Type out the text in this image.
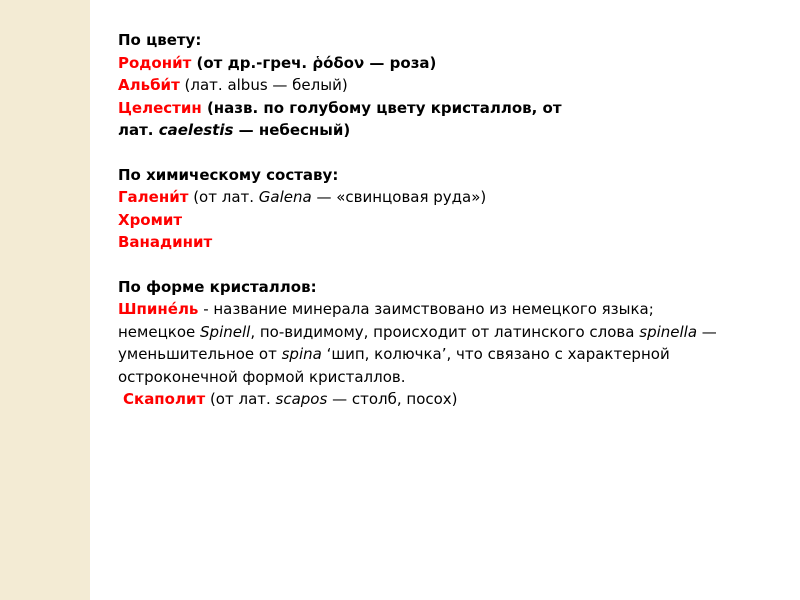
По цвету:
Родони́т (от др.-греч. ῥόδον — роза)
Альби́т (лат. albus — белый)
Целестин (назв. по голубому цвету кристаллов, от
лат. caelestis — небесный)
По химическому составу:
Галени́т (от лат. Galena — «свинцовая руда»)
Хромит
Ванадинит
По форме кристаллов:
Шпине́ль - название минерала заимствовано из немецкого языка;
немецкое Spinell, по-видимому, происходит от латинского слова spinella —
уменьшительное от spina ‘шип, колючка’, что связано с характерной
остроконечной формой кристаллов.
Скаполит (от лат. scapos — столб, посох)
